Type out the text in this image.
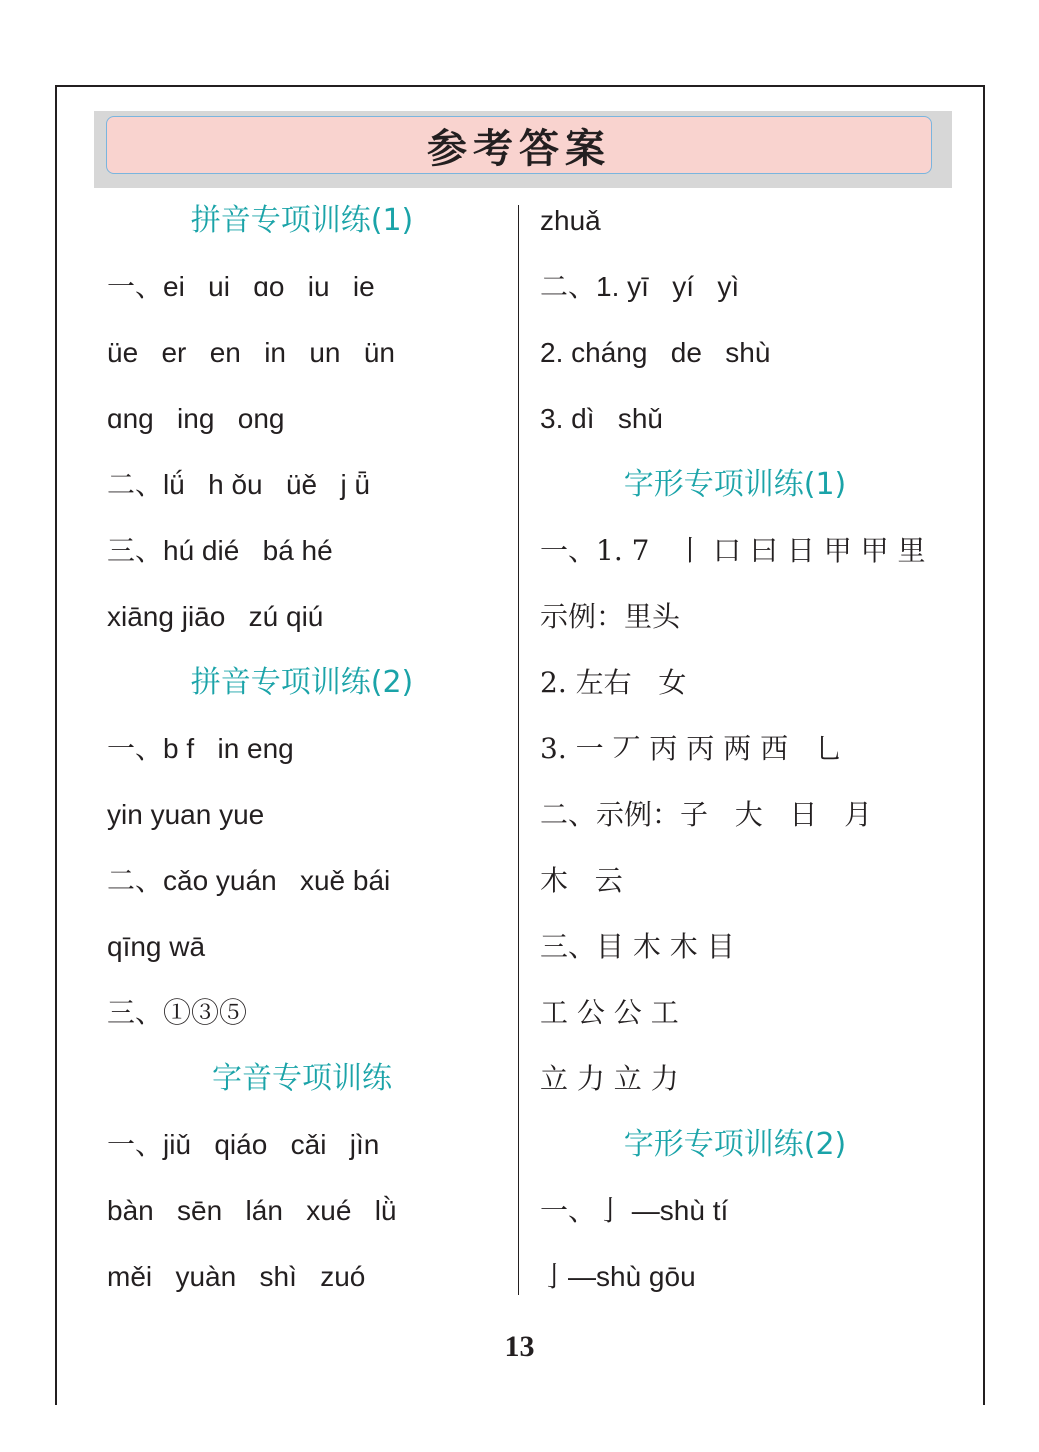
参考答案
拼音专项训练(1)
一、ei   ui   ɑo   iu   ie
üe   er   en   in   un   ün
ɑng   ing   ong
二、lǘ   h ǒu   üě   j ǖ
三、hú dié   bá hé
xiāng jiāo   zú qiú
拼音专项训练(2)
一、b f   in eng
yin yuan yue
二、cǎo yuán   xuě bái
qīng wā
三、①③⑤
字音专项训练
一、jiǔ   qiáo   cǎi   jìn
bàn   sēn   lán   xué   lǜ
měi   yuàn   shì   zuó
zhuǎ
二、1. yī   yí   yì
2. cháng   de   shù
3. dì   shǔ
字形专项训练(1)
一、1. 7   丨 口 曰 日 甲 甲 里
示例：里头
2. 左右   女
3. 一 丆 丙 丙 两 西   乚
二、示例：子   大   日   月
木   云
三、目 木 木 目
工 公 公 工
立 力 立 力
字形专项训练(2)
一、亅 —shù tí
亅—shù gōu
13
